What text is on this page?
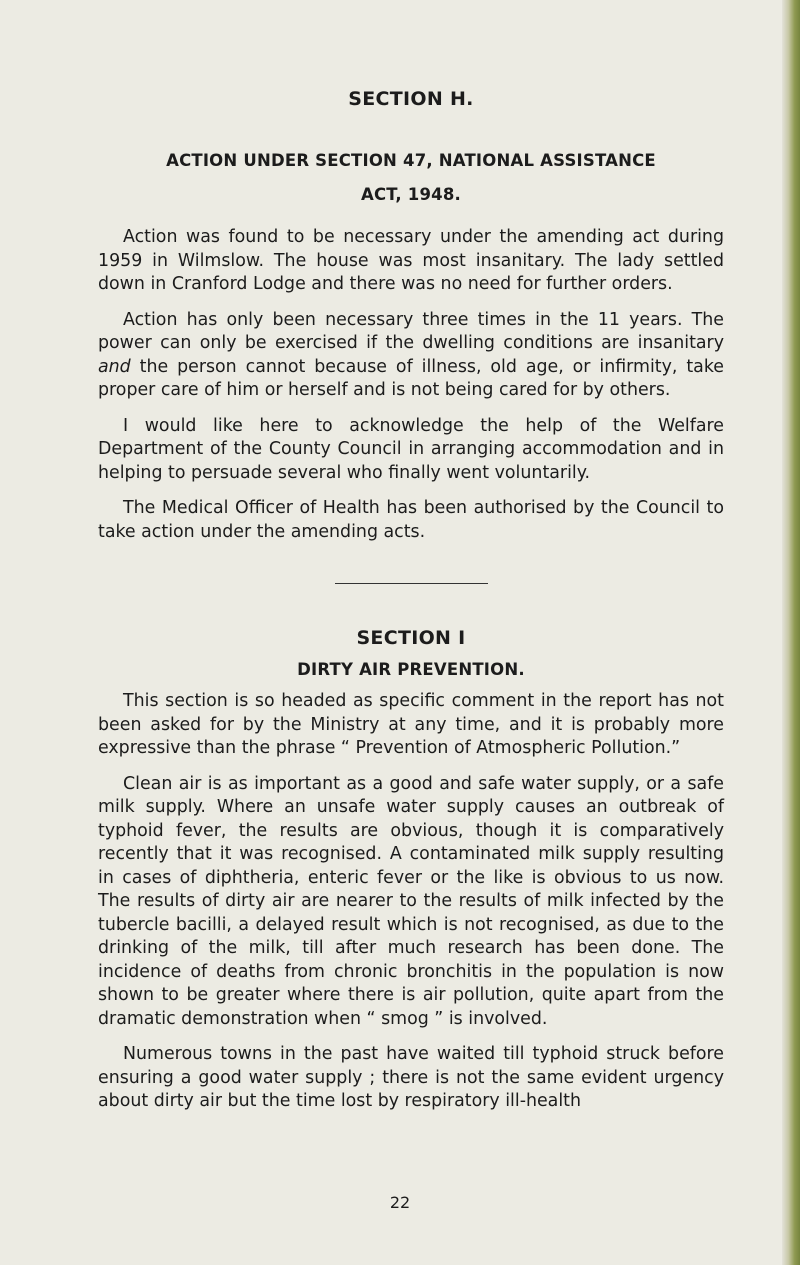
SECTION H.
ACTION UNDER SECTION 47, NATIONAL ASSISTANCE
ACT, 1948.

Action was found to be necessary under the amending act during 1959 in Wilmslow. The house was most insanitary. The lady settled down in Cranford Lodge and there was no need for further orders.

Action has only been necessary three times in the 11 years. The power can only be exercised if the dwelling conditions are insanitary and the person cannot because of illness, old age, or infirmity, take proper care of him or herself and is not being cared for by others.

I would like here to acknowledge the help of the Welfare Department of the County Council in arranging accommodation and in helping to persuade several who finally went voluntarily.

The Medical Officer of Health has been authorised by the Council to take action under the amending acts.

SECTION I
DIRTY AIR PREVENTION.

This section is so headed as specific comment in the report has not been asked for by the Ministry at any time, and it is probably more expressive than the phrase “ Prevention of Atmospheric Pollution.”

Clean air is as important as a good and safe water supply, or a safe milk supply. Where an unsafe water supply causes an outbreak of typhoid fever, the results are obvious, though it is comparatively recently that it was recognised. A contaminated milk supply resulting in cases of diphtheria, enteric fever or the like is obvious to us now. The results of dirty air are nearer to the results of milk infected by the tubercle bacilli, a delayed result which is not recognised, as due to the drinking of the milk, till after much research has been done. The incidence of deaths from chronic bronchitis in the population is now shown to be greater where there is air pollution, quite apart from the dramatic demonstration when “ smog ” is involved.

Numerous towns in the past have waited till typhoid struck before ensuring a good water supply ; there is not the same evident urgency about dirty air but the time lost by respiratory ill-health

22
